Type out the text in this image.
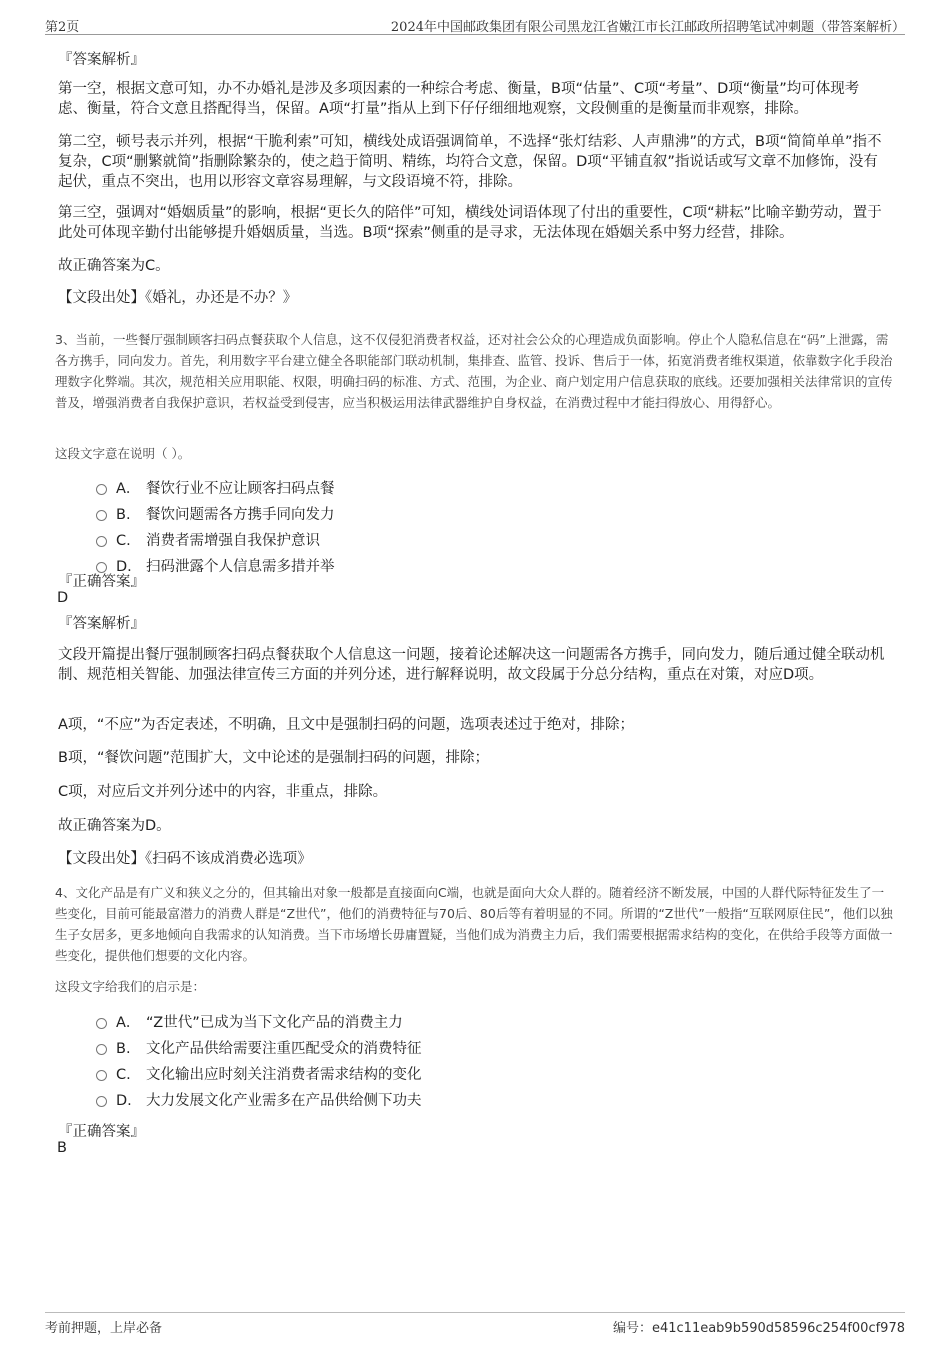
第2页	2024年中国邮政集团有限公司黑龙江省嫩江市长江邮政所招聘笔试冲刺题（带答案解析）
『答案解析』
第一空，根据文意可知，办不办婚礼是涉及多项因素的一种综合考虑、衡量，B项“估量”、C项“考量”、D项“衡量”均可体现考虑、衡量，符合文意且搭配得当，保留。A项“打量”指从上到下仔仔细细地观察，文段侧重的是衡量而非观察，排除。
第二空，顿号表示并列，根据“干脆利索”可知，横线处成语强调简单，不选择“张灯结彩、人声鼎沸”的方式，B项“简简单单”指不复杂，C项“删繁就简”指删除繁杂的，使之趋于简明、精练，均符合文意，保留。D项“平铺直叙”指说话或写文章不加修饰，没有起伏，重点不突出，也用以形容文章容易理解，与文段语境不符，排除。
第三空，强调对“婚姻质量”的影响，根据“更长久的陪伴”可知，横线处词语体现了付出的重要性，C项“耕耘”比喻辛勤劳动，置于此处可体现辛勤付出能够提升婚姻质量，当选。B项“探索”侧重的是寻求，无法体现在婚姻关系中努力经营，排除。
故正确答案为C。
【文段出处】《婚礼，办还是不办？》
3、当前，一些餐厅强制顾客扫码点餐获取个人信息，这不仅侵犯消费者权益，还对社会公众的心理造成负面影响。停止个人隐私信息在“码”上泄露，需各方携手，同向发力。首先，利用数字平台建立健全各职能部门联动机制，集排查、监管、投诉、售后于一体，拓宽消费者维权渠道，依靠数字化手段治理数字化弊端。其次，规范相关应用职能、权限，明确扫码的标准、方式、范围，为企业、商户划定用户信息获取的底线。还要加强相关法律常识的宣传普及，增强消费者自我保护意识，若权益受到侵害，应当积极运用法律武器维护自身权益，在消费过程中才能扫得放心、用得舒心。
这段文字意在说明（ ）。
A． 餐饮行业不应让顾客扫码点餐
B.	餐饮问题需各方携手同向发力
C.	消费者需增强自我保护意识
D. 扫码泄露个人信息需多措并举
『正确答案』
D
『答案解析』
文段开篇提出餐厅强制顾客扫码点餐获取个人信息这一问题，接着论述解决这一问题需各方携手，同向发力，随后通过健全联动机制、规范相关智能、加强法律宣传三方面的并列分述，进行解释说明，故文段属于分总分结构，重点在对策，对应D项。
A项，“不应”为否定表述，不明确，且文中是强制扫码的问题，选项表述过于绝对，排除；
B项，“餐饮问题”范围扩大，文中论述的是强制扫码的问题，排除；
C项，对应后文并列分述中的内容，非重点，排除。
故正确答案为D。
【文段出处】《扫码不该成消费必选项》
4、文化产品是有广义和狭义之分的，但其输出对象一般都是直接面向C端，也就是面向大众人群的。随着经济不断发展，中国的人群代际特征发生了一些变化，目前可能最富潜力的消费人群是“Z世代”，他们的消费特征与70后、80后等有着明显的不同。所谓的“Z世代”一般指“互联网原住民”，他们以独生子女居多，更多地倾向自我需求的认知消费。当下市场增长毋庸置疑，当他们成为消费主力后，我们需要根据需求结构的变化，在供给手段等方面做一些变化，提供他们想要的文化内容。
这段文字给我们的启示是：
A． “Z世代”已成为当下文化产品的消费主力
B.	文化产品供给需要注重匹配受众的消费特征
C.	文化输出应时刻关注消费者需求结构的变化
D. 大力发展文化产业需多在产品供给侧下功夫
『正确答案』
B
考前押题，上岸必备	编号：e41c11eab9b590d58596c254f00cf978
